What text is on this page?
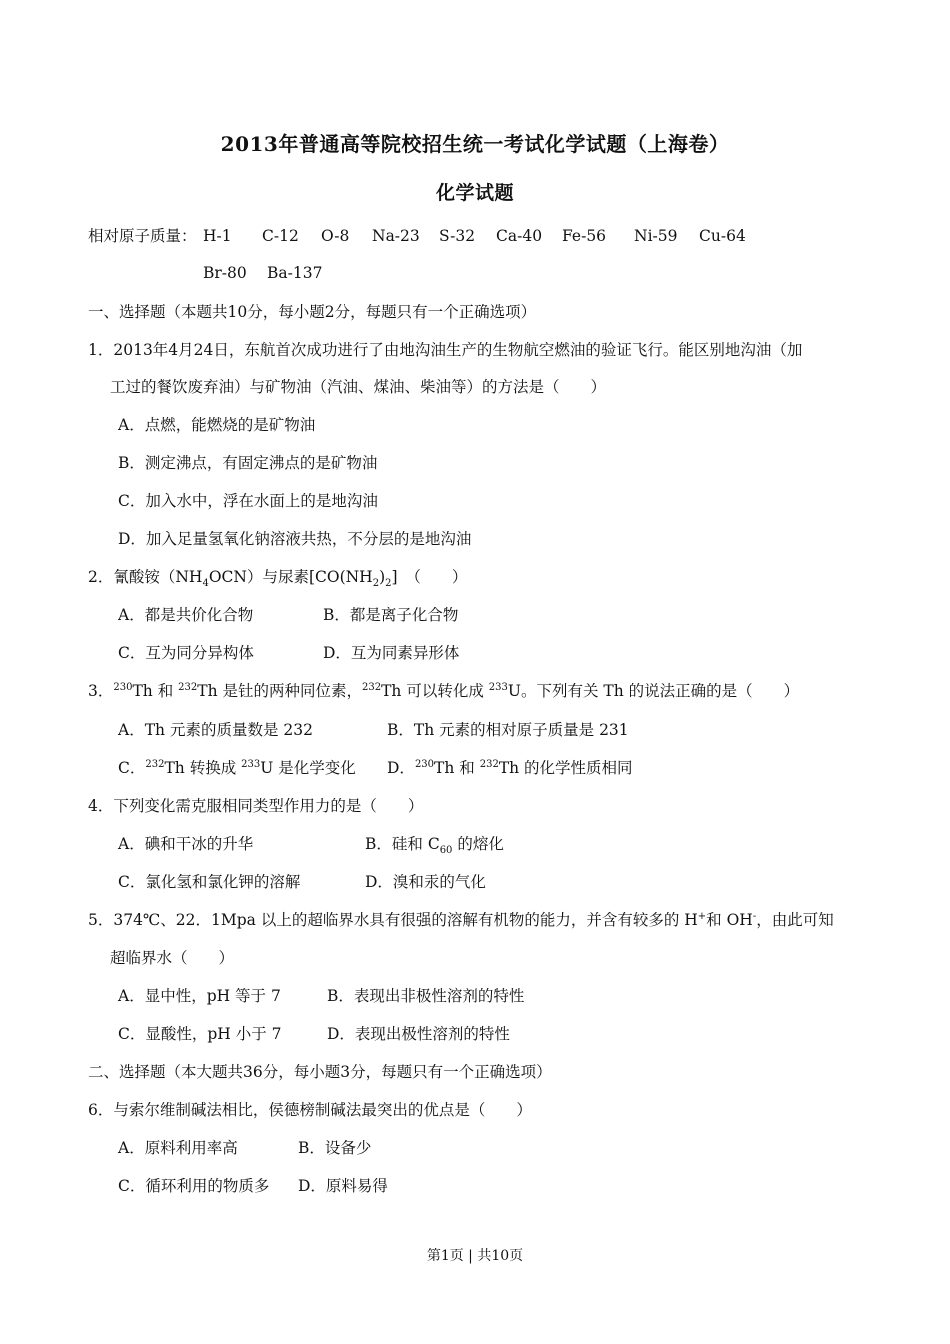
2013年普通高等院校招生统一考试化学试题（上海卷）
化学试题
相对原子质量： H-1 C-12 O-8 Na-23 S-32 Ca-40 Fe-56 Ni-59 Cu-64
Br-80 Ba-137
一、选择题（本题共10分，每小题2分，每题只有一个正确选项）
1．2013年4月24日，东航首次成功进行了由地沟油生产的生物航空燃油的验证飞行。能区别地沟油（加
工过的餐饮废弃油）与矿物油（汽油、煤油、柴油等）的方法是（　　）
A．点燃，能燃烧的是矿物油
B．测定沸点，有固定沸点的是矿物油
C．加入水中，浮在水面上的是地沟油
D．加入足量氢氧化钠溶液共热，不分层的是地沟油
2．氰酸铵$(NH_4OCN)$与尿素$[CO(NH_2)_2]$　（　　）
A．都是共价化合物	B．都是离子化合物
C．互为同分异构体	D．互为同素异形体
3．$^{230}$Th 和 $^{232}$Th 是钍的两种同位素，$^{232}$Th 可以转化成 $^{233}$U。下列有关 Th 的说法正确的是（　　）
A．Th 元素的质量数是 232	B．Th 元素的相对原子质量是 231
C．$^{232}$Th 转换成 $^{233}$U 是化学变化 D．$^{230}$Th 和 $^{232}$Th 的化学性质相同
4．下列变化需克服相同类型作用力的是（　　）
A．碘和干冰的升华	B．硅和 $C_{60}$ 的熔化
C．氯化氢和氯化钾的溶解	D．溴和汞的气化
5．374℃、22．1Mpa 以上的超临界水具有很强的溶解有机物的能力，并含有较多的 H+和 OH-，由此可知
超临界水（　　）
A．显中性，pH 等于 7	B．表现出非极性溶剂的特性
C．显酸性，pH 小于 7	D．表现出极性溶剂的特性
二、选择题（本大题共36分，每小题3分，每题只有一个正确选项）
6．与索尔维制碱法相比，侯德榜制碱法最突出的优点是（　　）
A．原料利用率高	B．设备少
C．循环利用的物质多 D．原料易得
第1页 | 共10页
